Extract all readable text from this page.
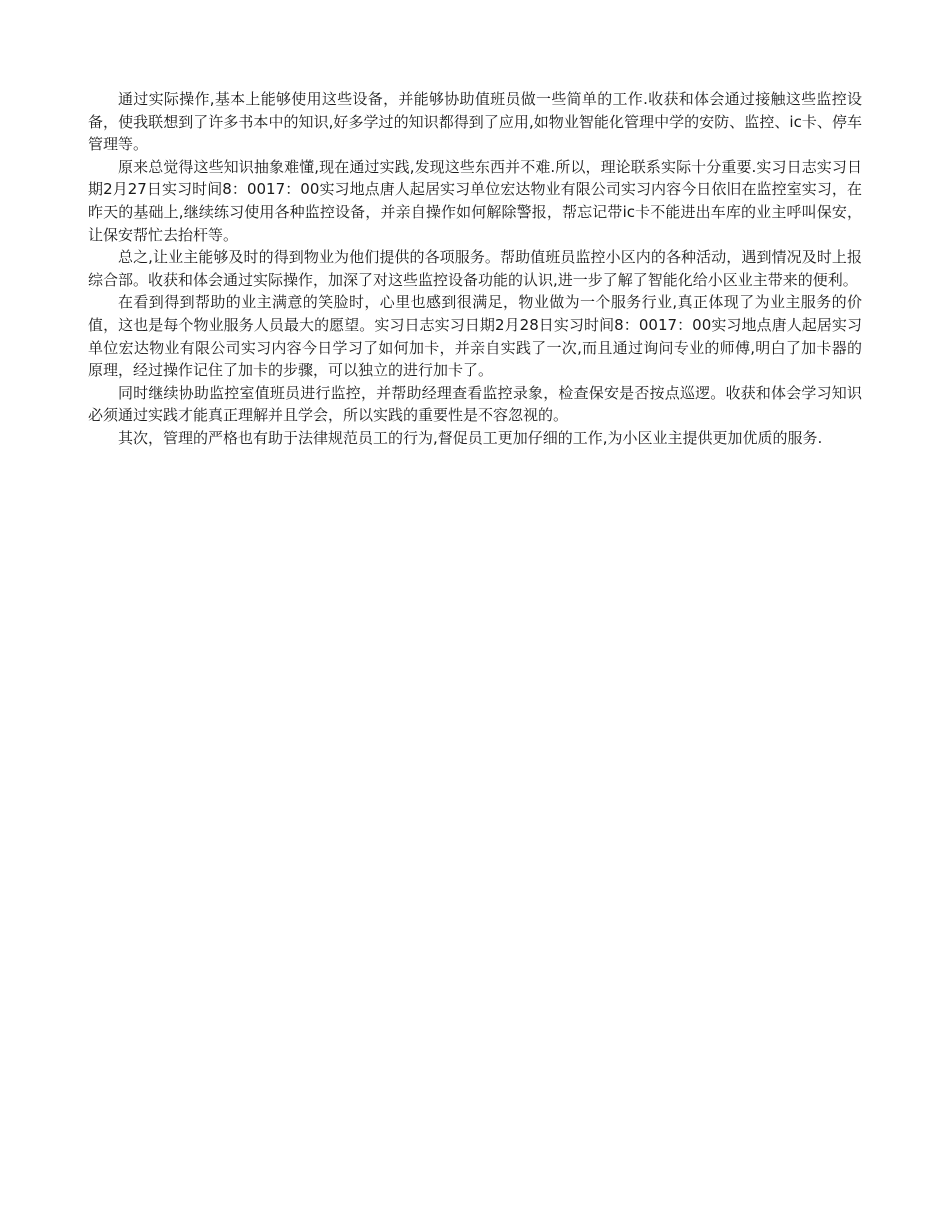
通过实际操作,基本上能够使用这些设备，并能够协助值班员做一些简单的工作.收获和体会通过接触这些监控设备，使我联想到了许多书本中的知识,好多学过的知识都得到了应用,如物业智能化管理中学的安防、监控、ic卡、停车管理等。

原来总觉得这些知识抽象难懂,现在通过实践,发现这些东西并不难.所以，理论联系实际十分重要.实习日志实习日期2月27日实习时间8：0017：00实习地点唐人起居实习单位宏达物业有限公司实习内容今日依旧在监控室实习，在昨天的基础上,继续练习使用各种监控设备，并亲自操作如何解除警报，帮忘记带ic卡不能进出车库的业主呼叫保安，让保安帮忙去抬杆等。

总之,让业主能够及时的得到物业为他们提供的各项服务。帮助值班员监控小区内的各种活动，遇到情况及时上报综合部。收获和体会通过实际操作，加深了对这些监控设备功能的认识,进一步了解了智能化给小区业主带来的便利。

在看到得到帮助的业主满意的笑脸时，心里也感到很满足，物业做为一个服务行业,真正体现了为业主服务的价值，这也是每个物业服务人员最大的愿望。实习日志实习日期2月28日实习时间8：0017：00实习地点唐人起居实习单位宏达物业有限公司实习内容今日学习了如何加卡，并亲自实践了一次,而且通过询问专业的师傅,明白了加卡器的原理，经过操作记住了加卡的步骤，可以独立的进行加卡了。

同时继续协助监控室值班员进行监控，并帮助经理查看监控录象，检查保安是否按点巡逻。收获和体会学习知识必须通过实践才能真正理解并且学会，所以实践的重要性是不容忽视的。

其次，管理的严格也有助于法律规范员工的行为,督促员工更加仔细的工作,为小区业主提供更加优质的服务.
